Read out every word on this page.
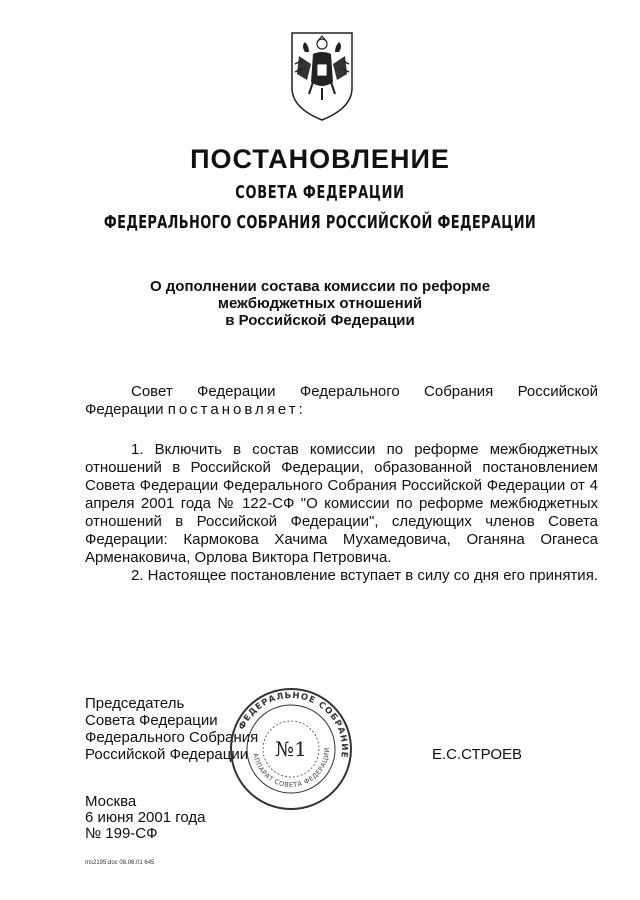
ПОСТАНОВЛЕНИЕ
СОВЕТА ФЕДЕРАЦИИ
ФЕДЕРАЛЬНОГО СОБРАНИЯ РОССИЙСКОЙ ФЕДЕРАЦИИ
О дополнении состава комиссии по реформе
межбюджетных отношений
в Российской Федерации

Совет Федерации Федерального Собрания Российской Федерации постановляет:

1. Включить в состав комиссии по реформе межбюджетных отношений в Российской Федерации, образованной постановлением Совета Федерации Федерального Собрания Российской Федерации от 4 апреля 2001 года № 122-СФ "О комиссии по реформе межбюджетных отношений в Российской Федерации", следующих членов Совета Федерации: Кармокова Хачима Мухамедовича, Оганяна Оганеса Арменаковича, Орлова Виктора Петровича.

2. Настоящее постановление вступает в силу со дня его принятия.

Председатель
Совета Федерации
Федерального Собрания
Российской Федерации
ФЕДЕРАЛЬНОЕ СОБРАНИЕ
АППАРАТ СОВЕТА ФЕДЕРАЦИИ
№1	Е.С.СТРОЕВ
Москва
6 июня 2001 года
№ 199-СФ
ms2195.doc 08.06.01 645
